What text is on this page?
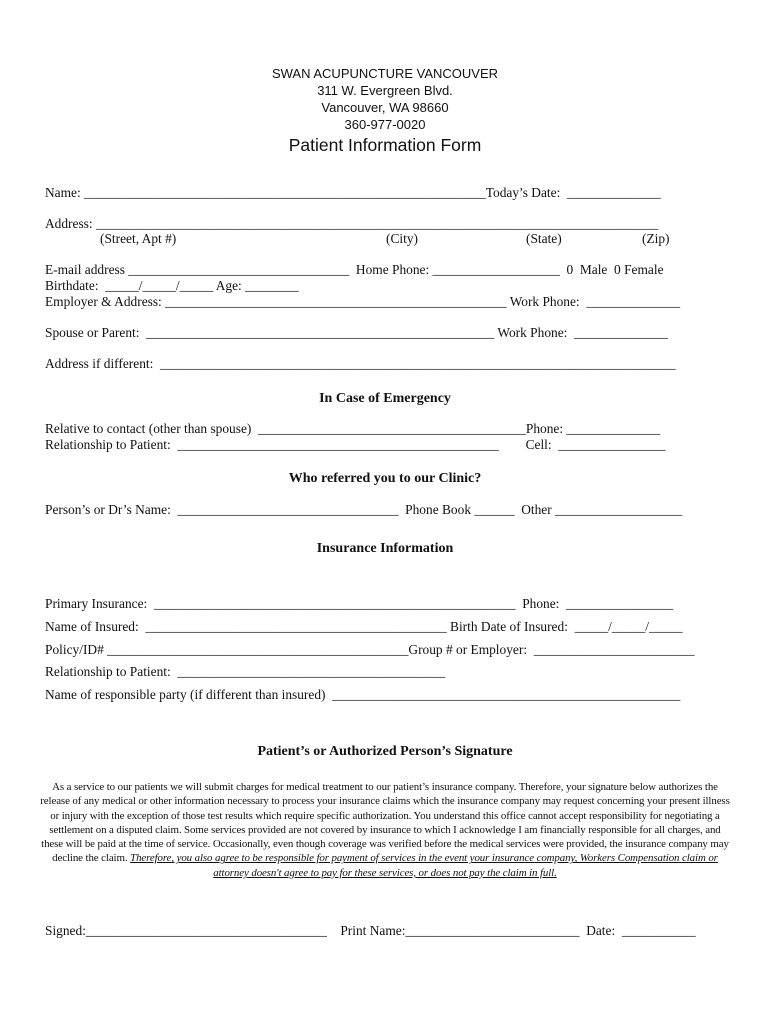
SWAN ACUPUNCTURE VANCOUVER
311 W. Evergreen Blvd.
Vancouver, WA 98660
360-977-0020
Patient Information Form
Name: ____________________________________________________________Today’s Date:  ______________
Address: ____________________________________________________________________________________
(Street, Apt #)	(City)	(State)	(Zip)
E-mail address _________________________________  Home Phone: ___________________  0  Male  0 Female
Birthdate:  _____/_____/_____ Age: ________
Employer & Address: ___________________________________________________ Work Phone:  ______________
Spouse or Parent:  ____________________________________________________ Work Phone:  ______________
Address if different:  _____________________________________________________________________________
In Case of Emergency
Relative to contact (other than spouse)  ________________________________________Phone: ______________
Relationship to Patient:  ________________________________________________        Cell:  ________________
Who referred you to our Clinic?
Person’s or Dr’s Name:  _________________________________  Phone Book ______  Other ___________________
Insurance Information
Primary Insurance:  ______________________________________________________  Phone:  ________________
Name of Insured:  _____________________________________________ Birth Date of Insured:  _____/_____/_____
Policy/ID# _____________________________________________Group # or Employer:  ________________________
Relationship to Patient:  ________________________________________
Name of responsible party (if different than insured)  ____________________________________________________
Patient’s or Authorized Person’s Signature
As a service to our patients we will submit charges for medical treatment to our patient’s insurance company. Therefore, your signature below authorizes the release of any medical or other information necessary to process your insurance claims which the insurance company may request concerning your present illness or injury with the exception of those test results which require specific authorization. You understand this office cannot accept responsibility for negotiating a settlement on a disputed claim. Some services provided are not covered by insurance to which I acknowledge I am financially responsible for all charges, and these will be paid at the time of service. Occasionally, even though coverage was verified before the medical services were provided, the insurance company may decline the claim. Therefore, you also agree to be responsible for payment of services in the event your insurance company, Workers Compensation claim or attorney doesn't agree to pay for these services, or does not pay the claim in full.
Signed:____________________________________    Print Name:__________________________  Date:  ___________
